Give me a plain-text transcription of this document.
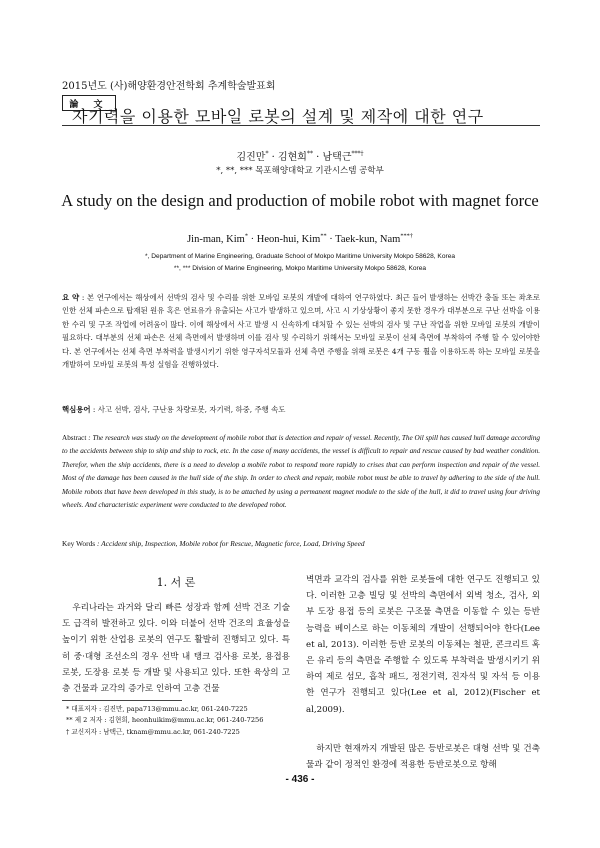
2015년도 (사)해양환경안전학회 추계학술발표회
論 文
자기력을 이용한 모바일 로봇의 설계 및 제작에 대한 연구
김진만* · 김현희** · 남택근***†
*, **, *** 목포해양대학교 기관시스템 공학부
A study on the design and production of mobile robot with magnet force
Jin-man, Kim* · Heon-hui, Kim** · Taek-kun, Nam***†
*, Department of Marine Engineering, Graduate School of Mokpo Maritime University Mokpo 58628, Korea
**, *** Division of Marine Engineering, Mokpo Maritime University Mokpo 58628, Korea
요 약 : 본 연구에서는 해상에서 선박의 검사 및 수리를 위한 모바일 로봇의 개발에 대하여 연구하였다. 최근 들어 발생하는 선박간 충돌 또는 좌초로 인한 선체 파손으로 탑재된 원유 혹은 연료유가 유출되는 사고가 발생하고 있으며, 사고 시 기상상황이 좋지 못한 경우가 대부분으로 구난 선박을 이용한 수리 및 구조 작업에 어려움이 많다. 이에 해상에서 사고 발생 시 신속하게 대처할 수 있는 선박의 검사 및 구난 작업을 위한 모바일 로봇의 개발이 필요하다. 대부분의 선체 파손은 선체 측면에서 발생하며 이를 검사 및 수리하기 위해서는 모바일 로봇이 선체 측면에 부착하여 주행 할 수 있어야한다. 본 연구에서는 선체 측면 부착력을 발생시키기 위한 영구자석모듈과 선체 측면 주행을 위해 로봇은 4개 구동 휠을 이용하도록 하는 모바일 로봇을 개발하여 모바일 로봇의 특성 실험을 진행하였다.
핵심용어 : 사고 선박, 검사, 구난용 차량로봇, 자기력, 하중, 주행 속도
Abstract : The research was study on the development of mobile robot that is detection and repair of vessel. Recently, The Oil spill has caused hull damage according to the accidents between ship to ship and ship to rock, etc. In the case of many accidents, the vessel is difficult to repair and rescue caused by bad weather condition. Therefor, when the ship accidents, there is a need to develop a mobile robot to respond more rapidly to crises that can perform inspection and repair of the vessel. Most of the damage has been caused in the hull side of the ship. In order to check and repair, mobile robot must be able to travel by adhering to the side of the hull. Mobile robots that have been developed in this study, is to be attached by using a permanent magnet module to the side of the hull, it did to travel using four driving wheels. And characteristic experiment were conducted to the developed robot.
Key Words : Accident ship, Inspection, Mobile robot for Rescue, Magnetic force, Load, Driving Speed
1. 서 론

우리나라는 과거와 달리 빠른 성장과 함께 선박 건조 기술도 급격히 발전하고 있다. 이와 더불어 선박 건조의 효율성을 높이기 위한 산업용 로봇의 연구도 활발히 진행되고 있다. 특히 중·대형 조선소의 경우 선박 내 탱크 검사용 로봇, 용접용 로봇, 도장용 로봇 등 개발 및 사용되고 있다. 또한 육상의 고층 건물과 교각의 증가로 인하여 고층 건물

* 대표저자 : 김진만, papa713@mmu.ac.kr, 061-240-7225
** 제 2 저자 : 김현희, heonhuikim@mmu.ac.kr, 061-240-7256
† 교신저자 : 남택근, tknam@mmu.ac.kr, 061-240-7225

벽면과 교각의 검사를 위한 로봇들에 대한 연구도 진행되고 있다. 이러한 고층 빌딩 및 선박의 측면에서 외벽 청소, 검사, 외부 도장 용접 등의 로봇은 구조물 측면을 이동할 수 있는 등반 능력을 베이스로 하는 이동체의 개발이 선행되어야 한다(Lee et al, 2013). 이러한 등반 로봇의 이동체는 철판, 콘크리트 혹은 유리 등의 측면을 주행할 수 있도록 부착력을 발생시키기 위하여 제로 섬모, 흡착 패드, 정전기력, 진자석 및 자석 등 이용한 연구가 진행되고 있다(Lee et al, 2012)(Fischer et al,2009).

하지만 현재까지 개발된 많은 등반로봇은 대형 선박 및 건축물과 같이 정적인 환경에 적용한 등반로봇으로 항해

- 436 -
